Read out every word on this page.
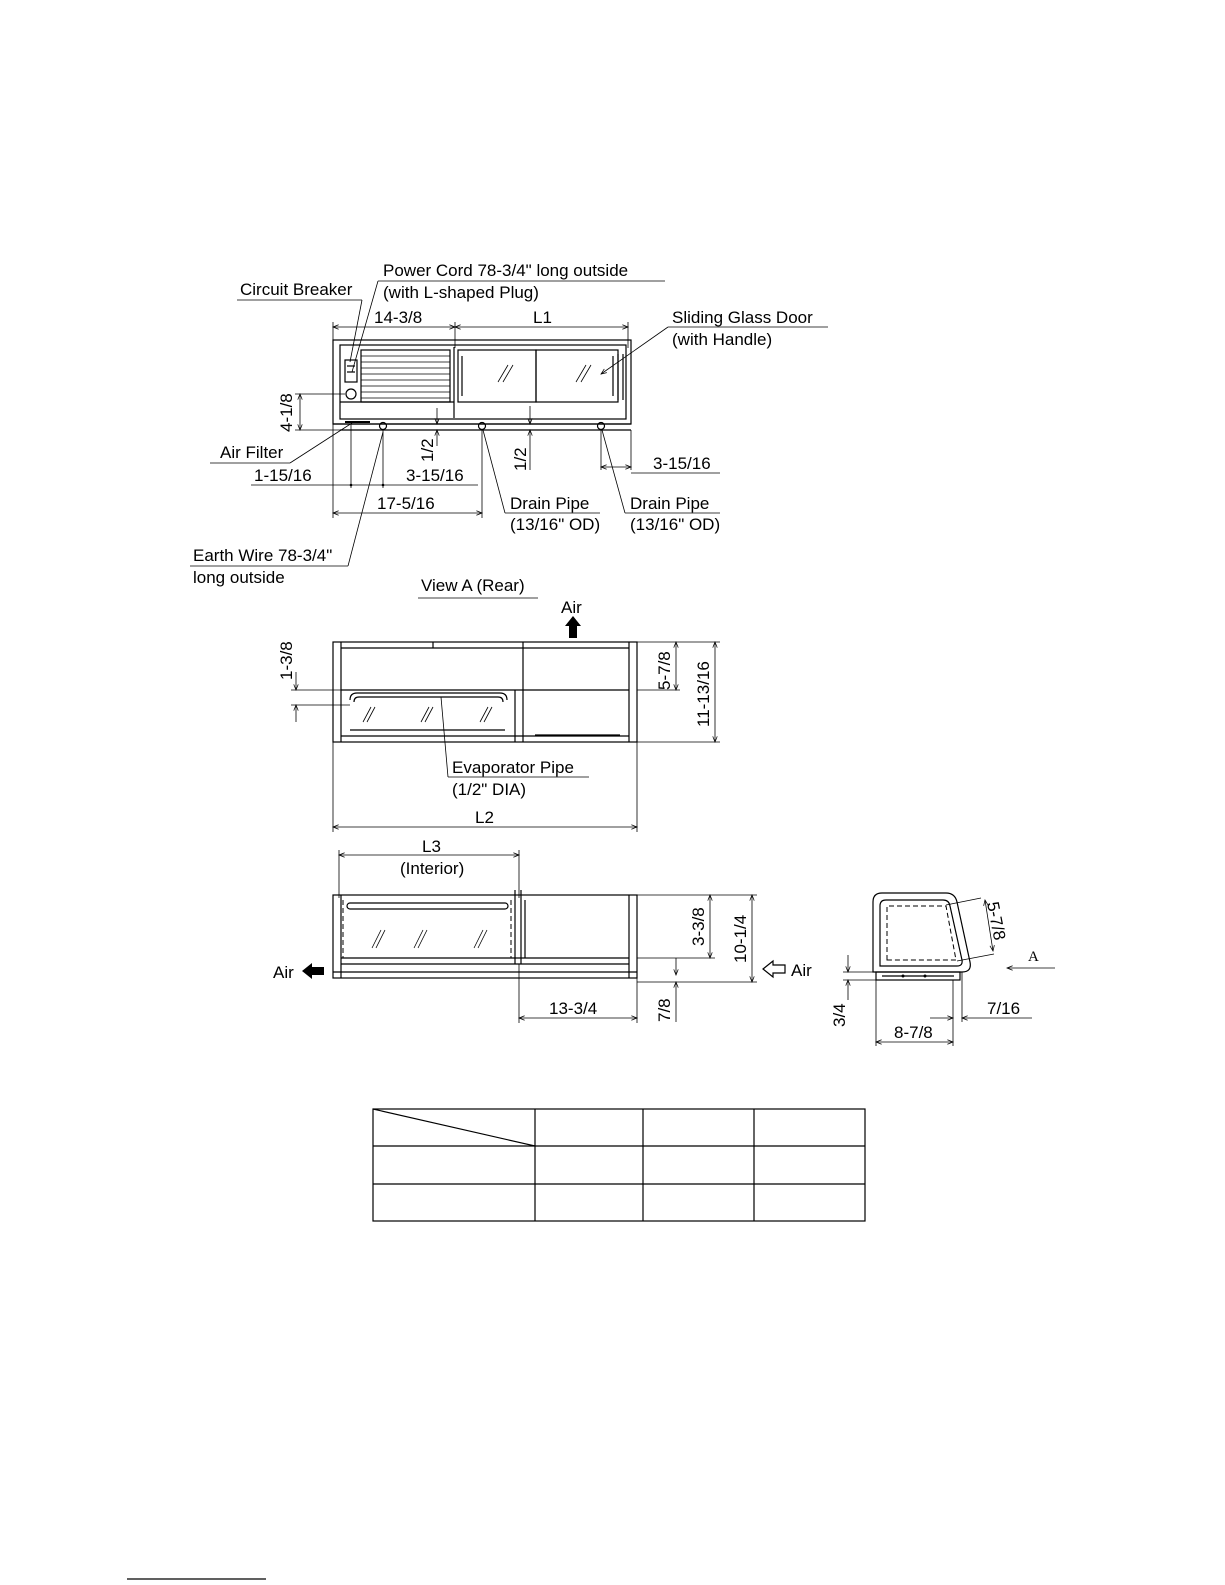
14-3/8	L1
4-1/8
1/2	1/2
1-15/16	3-15/16
3-15/16
17-5/16
Power Cord 78-3/4" long outside
(with L-shaped Plug)
Circuit Breaker
Sliding Glass Door
(with Handle)
Air Filter
Drain Pipe
(13/16" OD)
Drain Pipe
(13/16" OD)
Earth Wire 78-3/4"
long outside	View A (Rear)
Air
1-3/8	5-7/8 11-13/16
Evaporator Pipe
(1/2" DIA)
L2
L3
(Interior)
Air	Air
3-3/8 10-1/4
7/8
13-3/4
5-7/8
A
3/4	7/16
8-7/8
